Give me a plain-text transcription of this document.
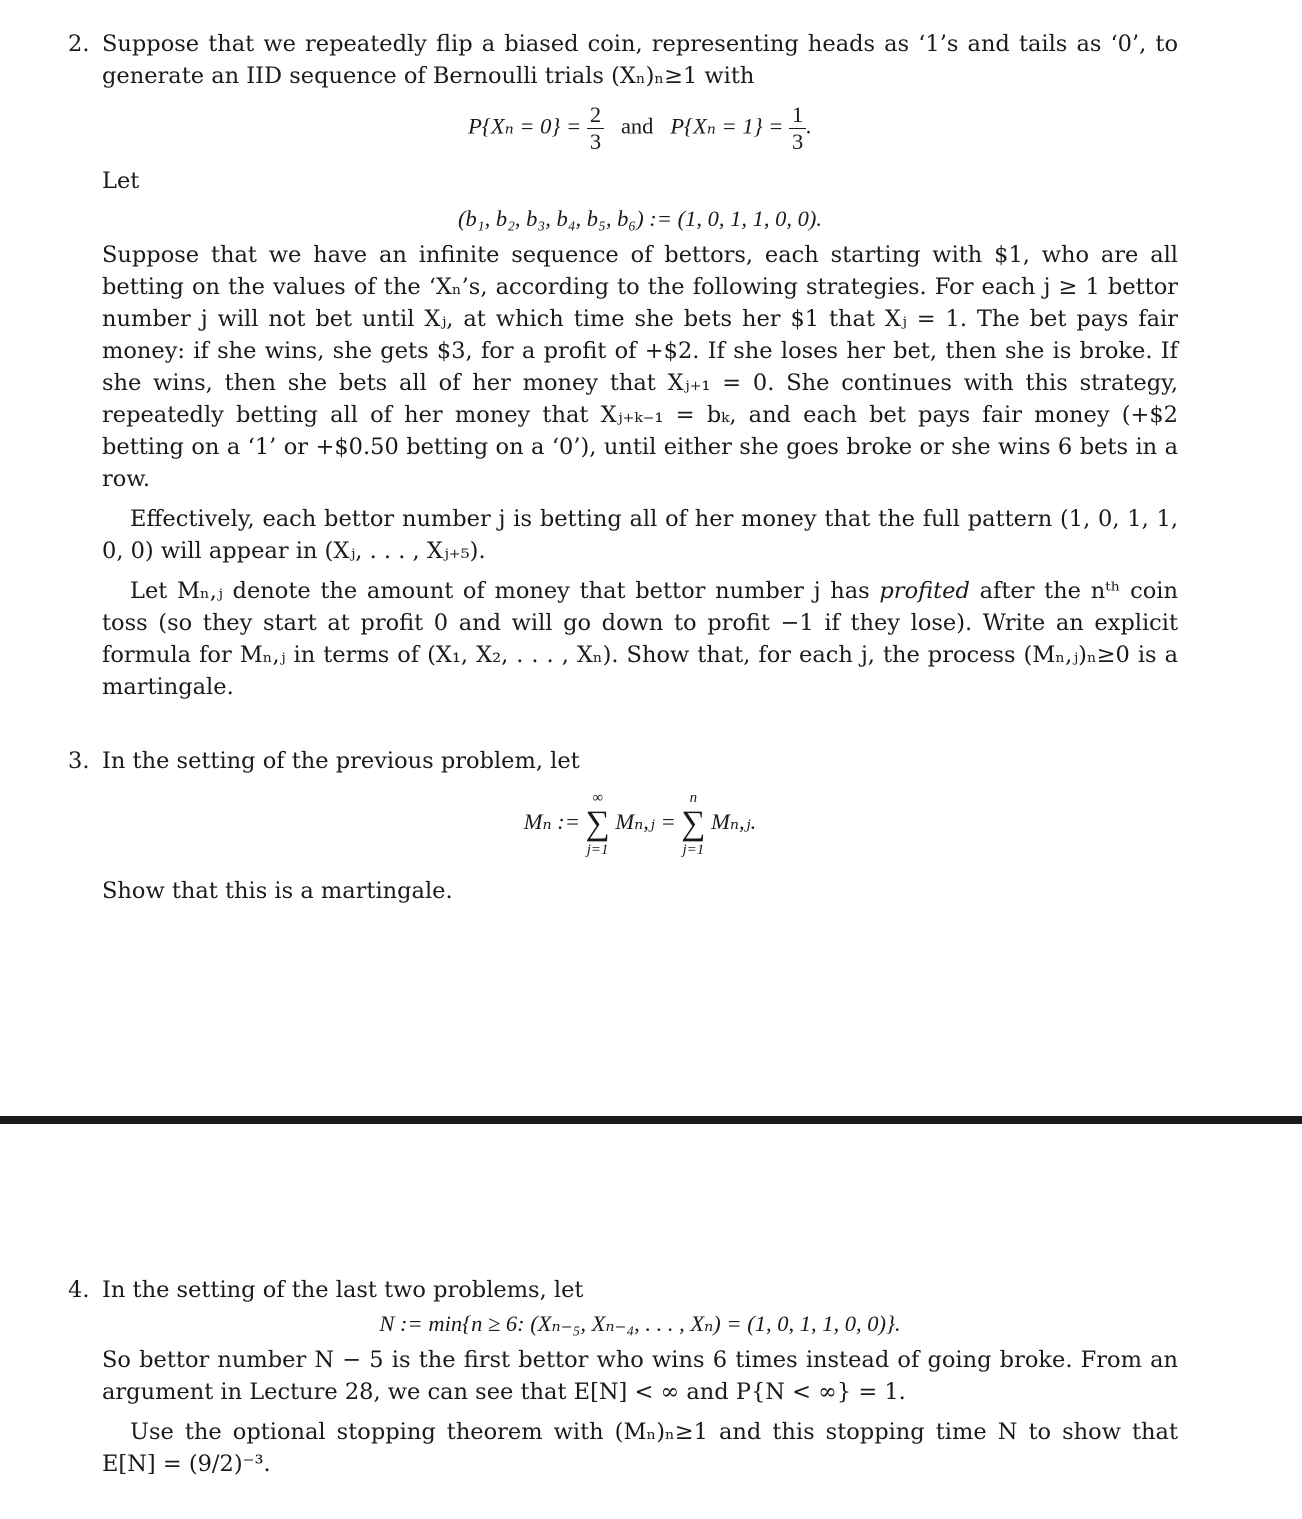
2. Suppose that we repeatedly flip a biased coin, representing heads as ‘1’s and tails as ‘0’, to generate an IID sequence of Bernoulli trials (Xₙ)ₙ≥1 with

$P\{X_n = 0\} = \frac{2}{3}$ and $P\{X_n = 1\} = \frac{1}{3}$ .

Let

(b₁, b₂, b₃, b₄, b₅, b₆) := (1, 0, 1, 1, 0, 0).

Suppose that we have an infinite sequence of bettors, each starting with $1, who are all betting on the values of the ‘Xₙ’s, according to the following strategies. For each j ≥ 1 bettor number j will not bet until Xⱼ, at which time she bets her $1 that Xⱼ = 1. The bet pays fair money: if she wins, she gets $3, for a profit of +$2. If she loses her bet, then she is broke. If she wins, then she bets all of her money that Xⱼ₊₁ = 0. She continues with this strategy, repeatedly betting all of her money that Xⱼ₊ₖ₋₁ = bₖ, and each bet pays fair money (+$2 betting on a ‘1’ or +$0.50 betting on a ‘0’), until either she goes broke or she wins 6 bets in a row.

Effectively, each bettor number j is betting all of her money that the full pattern (1, 0, 1, 1, 0, 0) will appear in (Xⱼ, . . . , Xⱼ₊₅).

Let Mₙ,ⱼ denote the amount of money that bettor number j has profited after the nᵗʰ coin toss (so they start at profit 0 and will go down to profit −1 if they lose). Write an explicit formula for Mₙ,ⱼ in terms of (X₁, X₂, . . . , Xₙ). Show that, for each j, the process (Mₙ,ⱼ)ₙ≥0 is a martingale.

3. In the setting of the previous problem, let

Mₙ :=
∞
∑
j=1
Mₙ,ⱼ =
n
∑
j=1
Mₙ,ⱼ.

Show that this is a martingale.

4. In the setting of the last two problems, let

N := min{n ≥ 6: (Xₙ₋₅, Xₙ₋₄, . . . , Xₙ) = (1, 0, 1, 1, 0, 0)}.

So bettor number N − 5 is the first bettor who wins 6 times instead of going broke. From an argument in Lecture 28, we can see that E[N] < ∞ and P{N < ∞} = 1.

Use the optional stopping theorem with (Mₙ)ₙ≥1 and this stopping time N to show that E[N] = (9/2)⁻³.
